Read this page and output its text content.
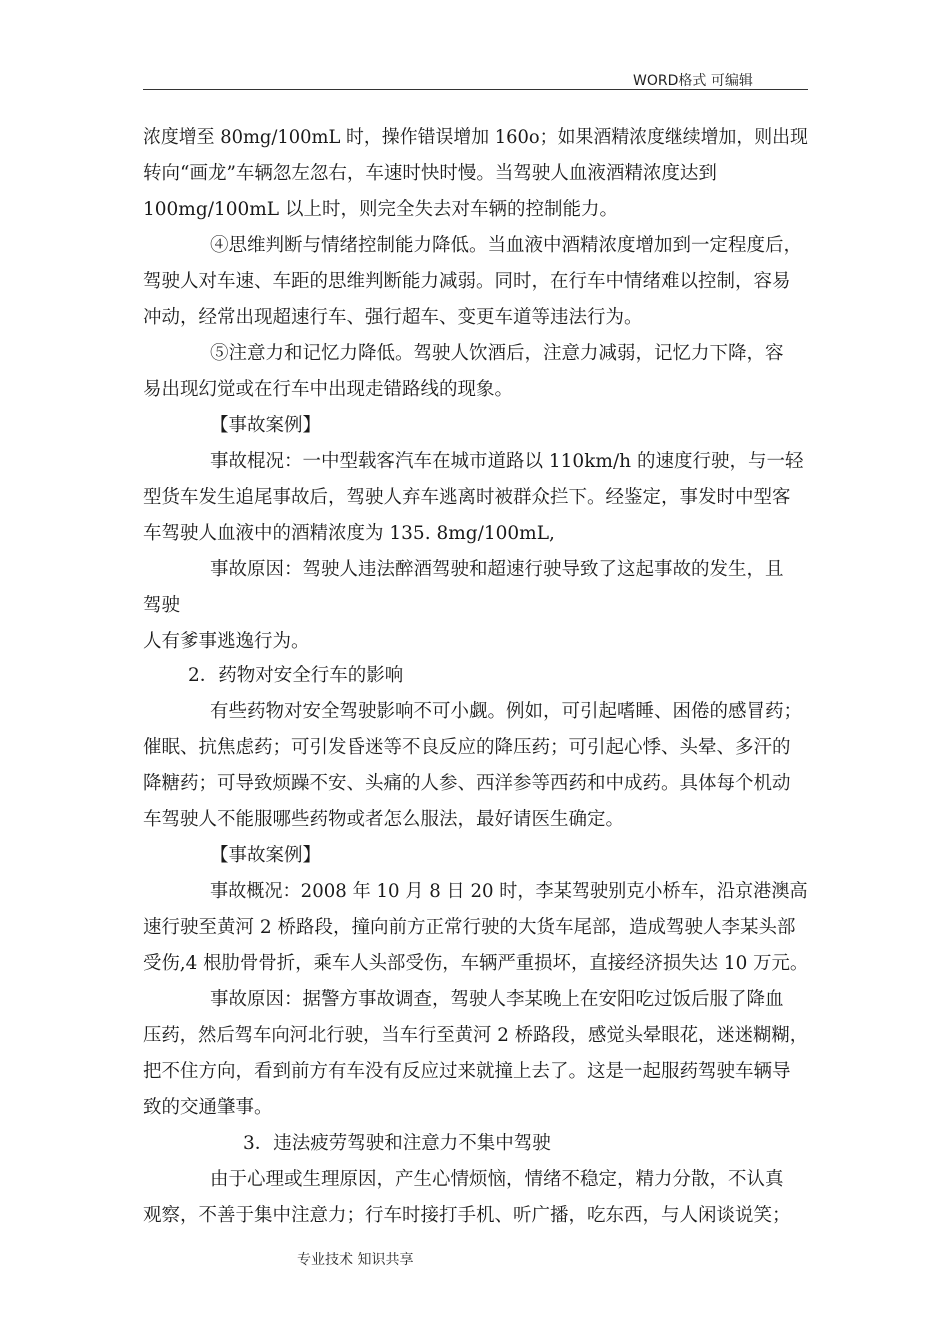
WORD格式 可编辑
浓度增至 80mg/100mL 时，操作错误增加 160o；如果酒精浓度继续增加，则出现
转向“画龙”车辆忽左忽右，车速时快时慢。当驾驶人血液酒精浓度达到
100mg/100mL 以上时，则完全失去对车辆的控制能力。
④思维判断与情绪控制能力降低。当血液中酒精浓度增加到一定程度后，
驾驶人对车速、车距的思维判断能力减弱。同时，在行车中情绪难以控制，容易
冲动，经常出现超速行车、强行超车、变更车道等违法行为。
⑤注意力和记忆力降低。驾驶人饮酒后，注意力减弱，记忆力下降，容
易出现幻觉或在行车中出现走错路线的现象。
【事故案例】
事故棍况：一中型载客汽车在城市道路以 110km/h 的速度行驶，与一轻
型货车发生追尾事故后，驾驶人弃车逃离时被群众拦下。经鉴定，事发时中型客
车驾驶人血液中的酒精浓度为 135. 8mg/100mL,
事故原因：驾驶人违法醉酒驾驶和超速行驶导致了这起事故的发生，且
驾驶
人有爹事逃逸行为。
2．药物对安全行车的影响
有些药物对安全驾驶影响不可小觑。例如，可引起嗜睡、困倦的感冒药；
催眠、抗焦虑药；可引发昏迷等不良反应的降压药；可引起心悸、头晕、多汗的
降糖药；可导致烦躁不安、头痛的人参、西洋参等西药和中成药。具体每个机动
车驾驶人不能服哪些药物或者怎么服法，最好请医生确定。
【事故案例】
事故概况：2008 年 10 月 8 日 20 时，李某驾驶别克小桥车，沿京港澳高
速行驶至黄河 2 桥路段，撞向前方正常行驶的大货车尾部，造成驾驶人李某头部
受伤,4 根肋骨骨折，乘车人头部受伤，车辆严重损坏，直接经济损失达 10 万元。
事故原因：据警方事故调查，驾驶人李某晚上在安阳吃过饭后服了降血
压药，然后驾车向河北行驶，当车行至黄河 2 桥路段，感觉头晕眼花，迷迷糊糊，
把不住方向，看到前方有车没有反应过来就撞上去了。这是一起服药驾驶车辆导
致的交通肇事。
3．违法疲劳驾驶和注意力不集中驾驶
由于心理或生理原因，产生心情烦恼，情绪不稳定，精力分散，不认真
观察，不善于集中注意力；行车时接打手机、听广播，吃东西，与人闲谈说笑；
专业技术 知识共享
